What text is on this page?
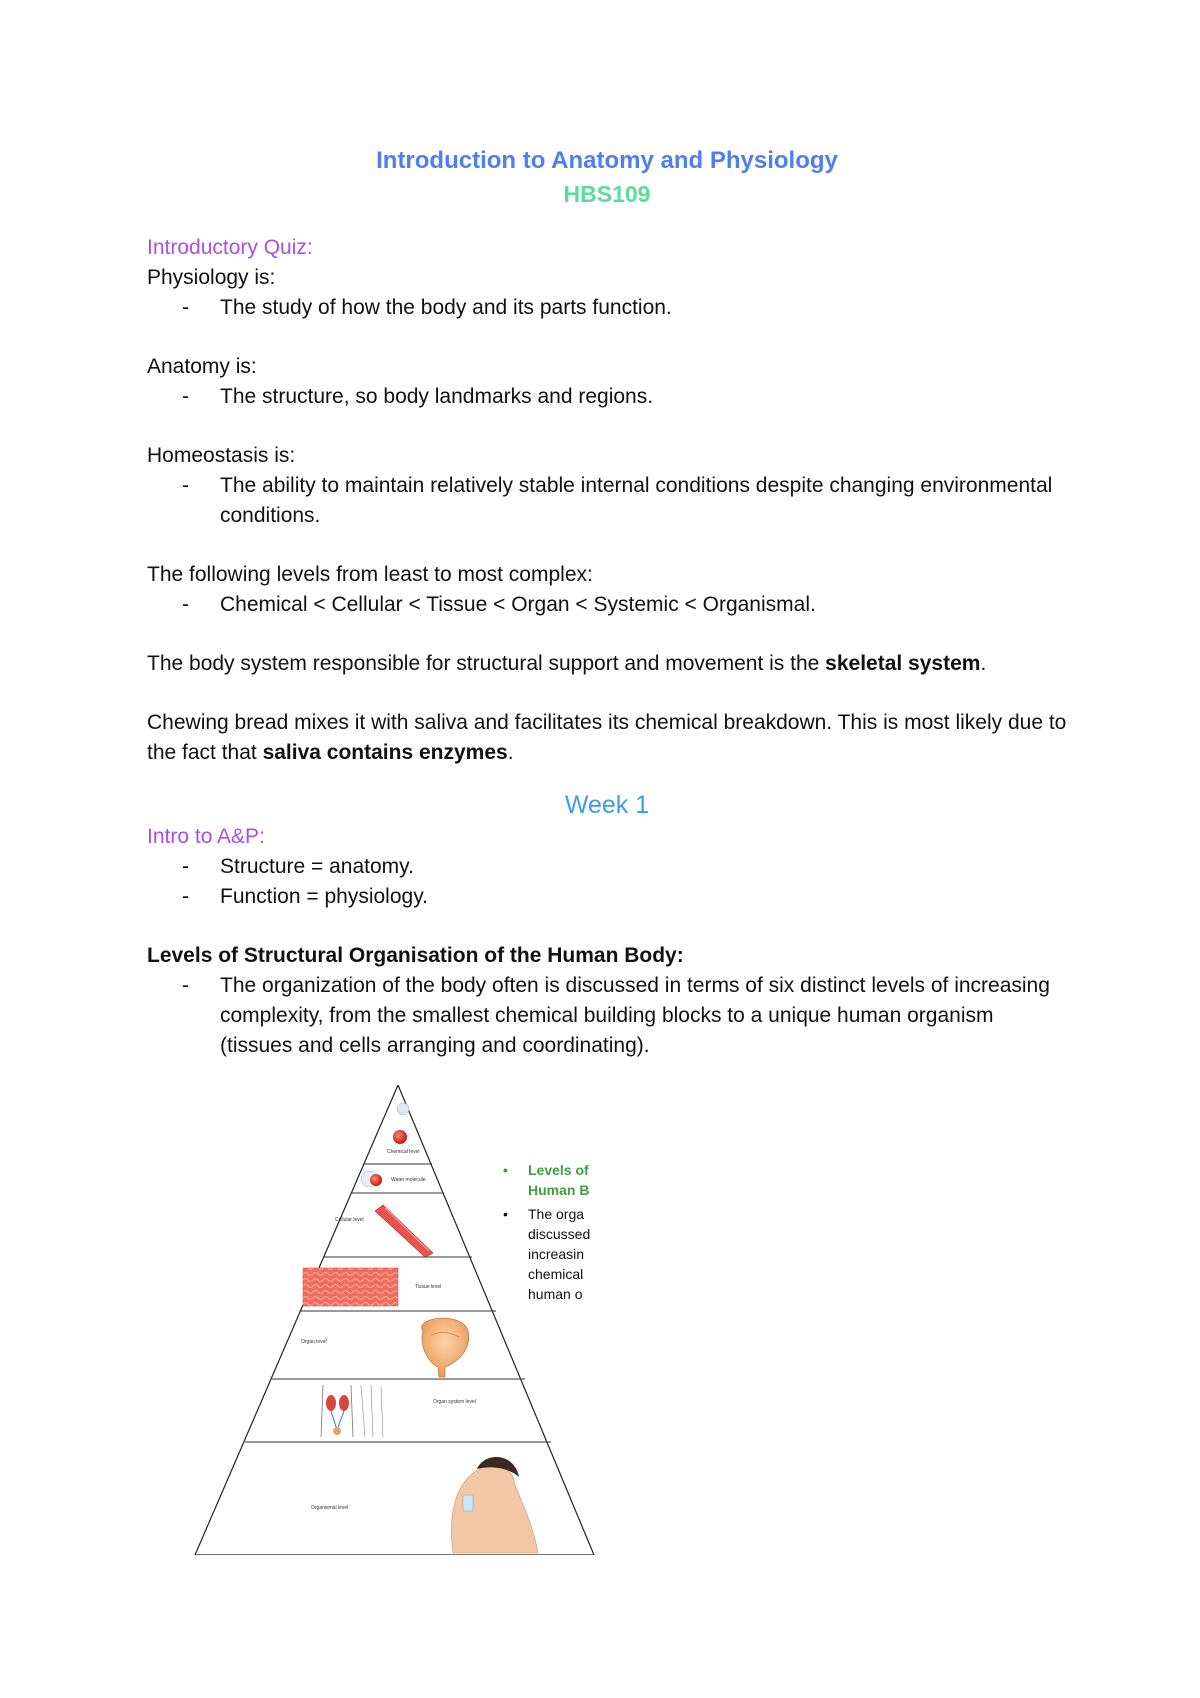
Introduction to Anatomy and Physiology
HBS109
Introductory Quiz:

Physiology is:

-	The study of how the body and its parts function.

Anatomy is:

-	The structure, so body landmarks and regions.

Homeostasis is:

-	The ability to maintain relatively stable internal conditions despite changing environmental conditions.

The following levels from least to most complex:

-	Chemical < Cellular < Tissue < Organ < Systemic < Organismal.

The body system responsible for structural support and movement is the skeletal system.

Chewing bread mixes it with saliva and facilitates its chemical breakdown. This is most likely due to the fact that saliva contains enzymes.

Week 1
Intro to A&P:
-	Structure = anatomy.
-	Function = physiology.

Levels of Structural Organisation of the Human Body:

-	The organization of the body often is discussed in terms of six distinct levels of increasing complexity, from the smallest chemical building blocks to a unique human organism (tissues and cells arranging and coordinating).
Chemical level
Water molecule
Cellular level
Tissue level
Organ level
Organ system level
Organismal level
•	Levels of
Human B
•	The orga
discussed
increasin
chemical
human o
